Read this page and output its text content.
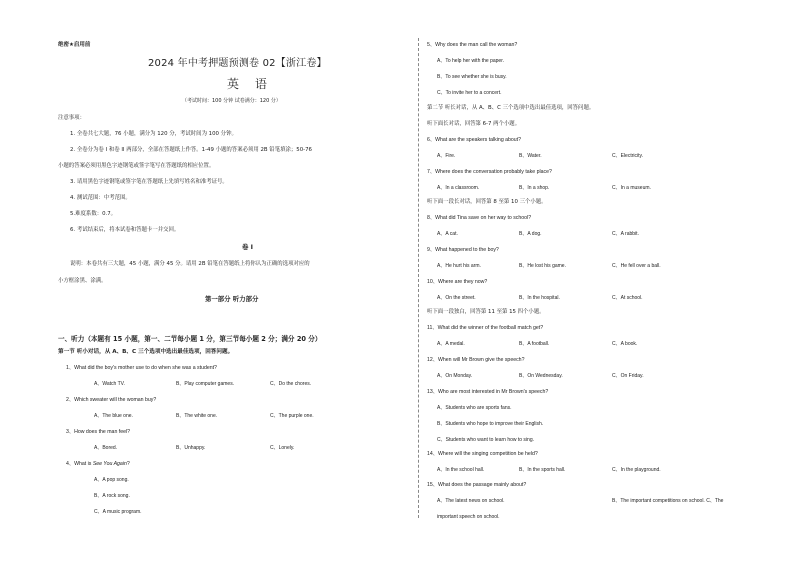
绝密★启用前
2024 年中考押题预测卷 02【浙江卷】
英 语
（考试时间：100 分钟 试卷满分：120 分）
注意事项：
1. 全卷共七大题，76 小题，满分为 120 分，考试时间为 100 分钟。
2. 全卷分为卷 I 和卷 II 两部分，全部在答题纸上作答。1-49 小题的答案必须用 2B 铅笔填涂；50-76
小题的答案必须用黑色字迹钢笔或签字笔写在答题纸的相应位置。
3. 请用黑色字迹钢笔或签字笔在答题纸上先填写姓名和准考证号。
4. 测试范围：中考范围。
5.难度系数：0.7。
6. 考试结束后，将本试卷和答题卡一并交回。
卷 I
说明：本卷共有三大题，45 小题，满分 45 分。请用 2B 铅笔在答题纸上将你认为正确的选项对应的
小方框涂黑、涂满。
第一部分 听力部分
一、听力（本题有 15 小题，第一、二节每小题 1 分，第三节每小题 2 分；满分 20 分）
第一节 听小对话，从 A、B、C 三个选项中选出最佳选项，回答问题。
1、What did the boy's mother use to do when she was a student?
A、Watch TV.	B、Play computer games.	C、Do the chores.
2、Which sweater will the woman buy?
A、The blue one.	B、The white one.	C、The purple one.
3、How does the man feel?
A、Bored.	B、Unhappy.	C、Lonely.
4、What is See You Again?
A、A pop song.
B、A rock song.
C、A music program.
5、Why does the man call the woman?
A、To help her with the paper.
B、To see whether she is busy.
C、To invite her to a concert.
第二节 听长对话，从 A、B、C 三个选项中选出最佳选项，回答问题。
听下面长对话，回答第 6-7 两个小题。
6、What are the speakers talking about?
A、Fire.	B、Water.	C、Electricity.
7、Where does the conversation probably take place?
A、In a classroom.	B、In a shop.	C、In a museum.
听下面一段长对话，回答第 8 至第 10 三个小题。
8、What did Tina save on her way to school?
A、A cat.	B、A dog.	C、A rabbit.
9、What happened to the boy?
A、He hurt his arm.	B、He lost his game.	C、He fell over a ball.
10、Where are they now?
A、On the street.	B、In the hospital.	C、At school.
听下面一段独白，回答第 11 至第 15 四个小题。
11、What did the winner of the football match get?
A、A medal.	B、A football.	C、A book.
12、When will Mr Brown give the speech?
A、On Monday.	B、On Wednesday.	C、On Friday.
13、Who are most interested in Mr Brown's speech?
A、Students who are sports fans.
B、Students who hope to improve their English.
C、Students who want to learn how to sing.
14、Where will the singing competition be held?
A、In the school hall.	B、In the sports hall.	C、In the playground.
15、What does the passage mainly about?
A、The latest news on school.	B、The important competitions on school. C、The
important speech on school.
